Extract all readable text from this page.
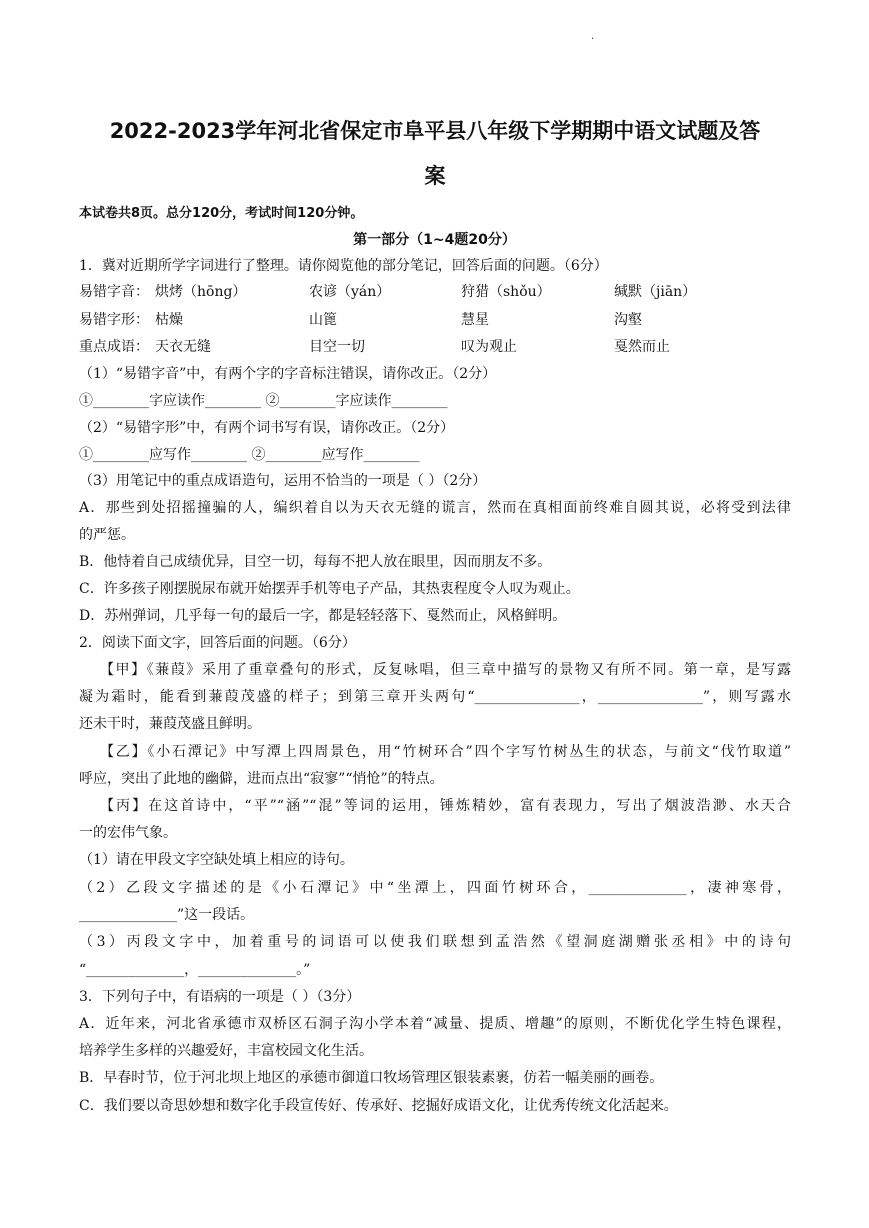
·
2022-2023学年河北省保定市阜平县八年级下学期期中语文试题及答
案
本试卷共8页。总分120分，考试时间120分钟。
第一部分（1~4题20分）
1．冀对近期所学字词进行了整理。请你阅览他的部分笔记，回答后面的问题。（6分）
易错字音： 烘烤（hōng）	农谚（yán）	狩猎（shǒu）	缄默（jiān）
易错字形： 枯燥	山篦	慧星	沟壑
重点成语： 天衣无缝	目空一切	叹为观止	戛然而止
（1）“易错字音”中，有两个字的字音标注错误，请你改正。（2分）
①________字应读作________ ②________字应读作________
（2）“易错字形”中，有两个词书写有误，请你改正。（2分）
①________应写作________ ②________应写作________
（3）用笔记中的重点成语造句，运用不恰当的一项是（ ）（2分）
A．那些到处招摇撞骗的人，编织着自以为天衣无缝的谎言，然而在真相面前终难自圆其说，必将受到法律
的严惩。
B．他恃着自己成绩优异，目空一切，每每不把人放在眼里，因而朋友不多。
C．许多孩子刚摆脱尿布就开始摆弄手机等电子产品，其热衷程度令人叹为观止。
D．苏州弹词，几乎每一句的最后一字，都是轻轻落下、戛然而止，风格鲜明。
2．阅读下面文字，回答后面的问题。（6分）
【甲】《蒹葭》采用了重章叠句的形式，反复咏唱，但三章中描写的景物又有所不同。第一章，是写露
凝为霜时，能看到蒹葭茂盛的样子；到第三章开头两句“_______________，_______________”，则写露水
还未干时，蒹葭茂盛且鲜明。
【乙】《小石潭记》中写潭上四周景色，用“竹树环合”四个字写竹树丛生的状态，与前文“伐竹取道”
呼应，突出了此地的幽僻，进而点出“寂寥”“悄怆”的特点。
【丙】在这首诗中，“平”“涵”“混”等词的运用，锤炼精妙，富有表现力，写出了烟波浩渺、水天合
一的宏伟气象。
（1）请在甲段文字空缺处填上相应的诗句。
（2）乙段文字描述的是《小石潭记》中“坐潭上，四面竹树环合，______________，凄神寒骨，
______________”这一段话。
（3）丙段文字中，加着重号的词语可以使我们联想到孟浩然《望洞庭湖赠张丞相》中的诗句
“______________，______________。”
3．下列句子中，有语病的一项是（ ）（3分）
A．近年来，河北省承德市双桥区石洞子沟小学本着“减量、提质、增趣”的原则，不断优化学生特色课程，
培养学生多样的兴趣爱好，丰富校园文化生活。
B．早春时节，位于河北坝上地区的承德市御道口牧场管理区银装素裹，仿若一幅美丽的画卷。
C．我们要以奇思妙想和数字化手段宣传好、传承好、挖掘好成语文化，让优秀传统文化活起来。
